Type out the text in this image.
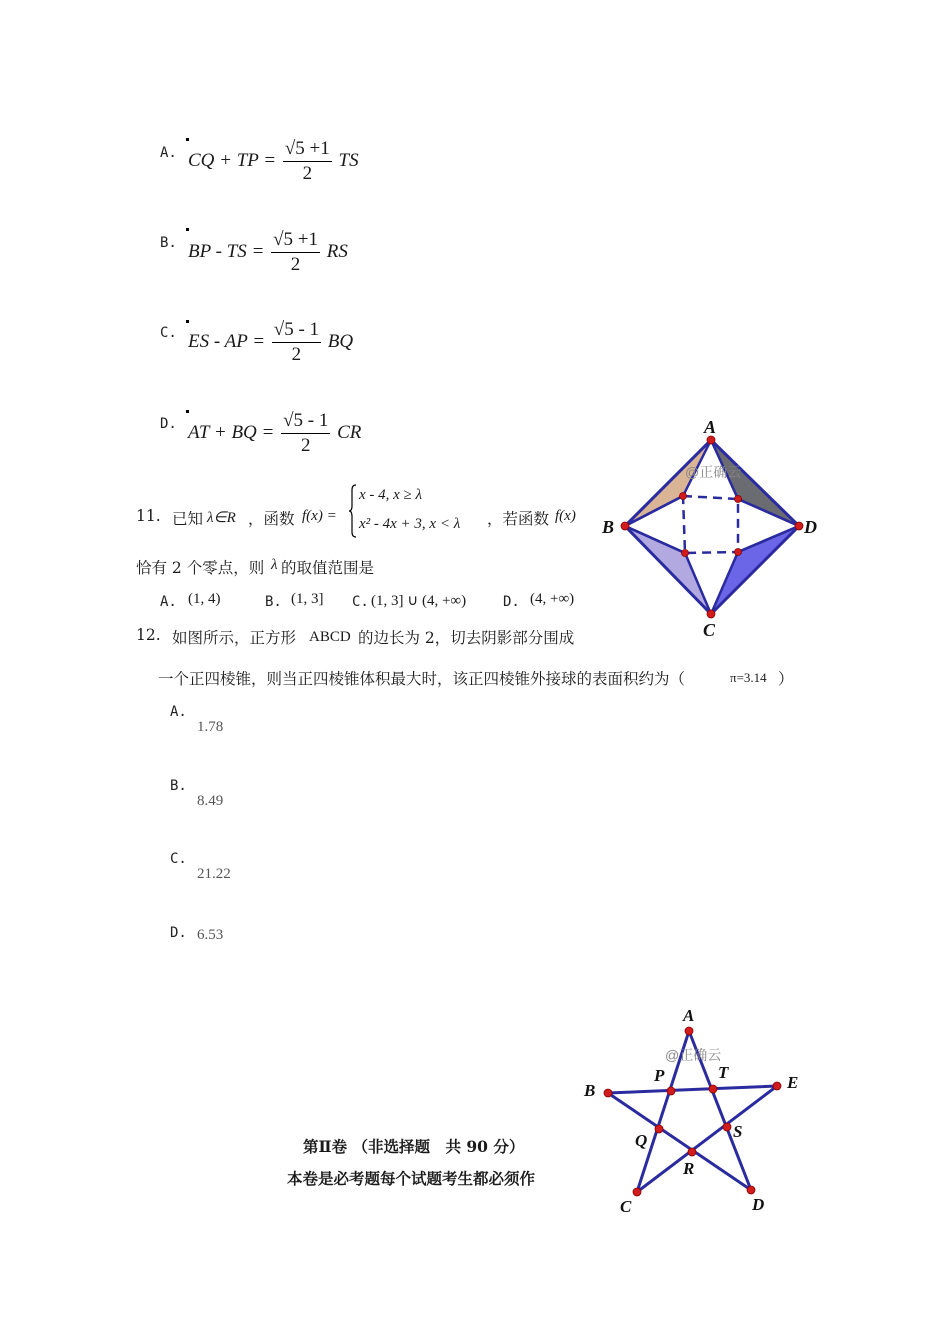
A. CQ + TP = $\frac{√5 +1}{2}$ TS
B. BP - TS = $\frac{√5 +1}{2}$ RS
C. ES - AP = $\frac{√5 - 1}{2}$ BQ
D. AT + BQ = $\frac{√5 - 1}{2}$ CR
11. 已知 λ∈R ，函数 f(x) =
x - 4, x ≥ λ
x² - 4x + 3, x < λ ，若函数 f(x)
恰有 2 个零点，则 λ 的取值范围是
A. (1, 4)	B. (1, 3] C. (1, 3] ∪ (4, +∞)	D. (4, +∞)
12. 如图所示，正方形 ABCD 的边长为 2，切去阴影部分围成
一个正四棱锥，则当正四棱锥体积最大时，该正四棱锥外接球的表面积约为（	π=3.14 ）
A.
1.78
B.
8.49
C.
21.22
D. 6.53
第Ⅱ卷 （非选择题　共 90 分）
本卷是必考题每个试题考生都必须作
A
B
C
D
@正确云
A
B
C	D
E
P
Q
R
S
T
@正确云
